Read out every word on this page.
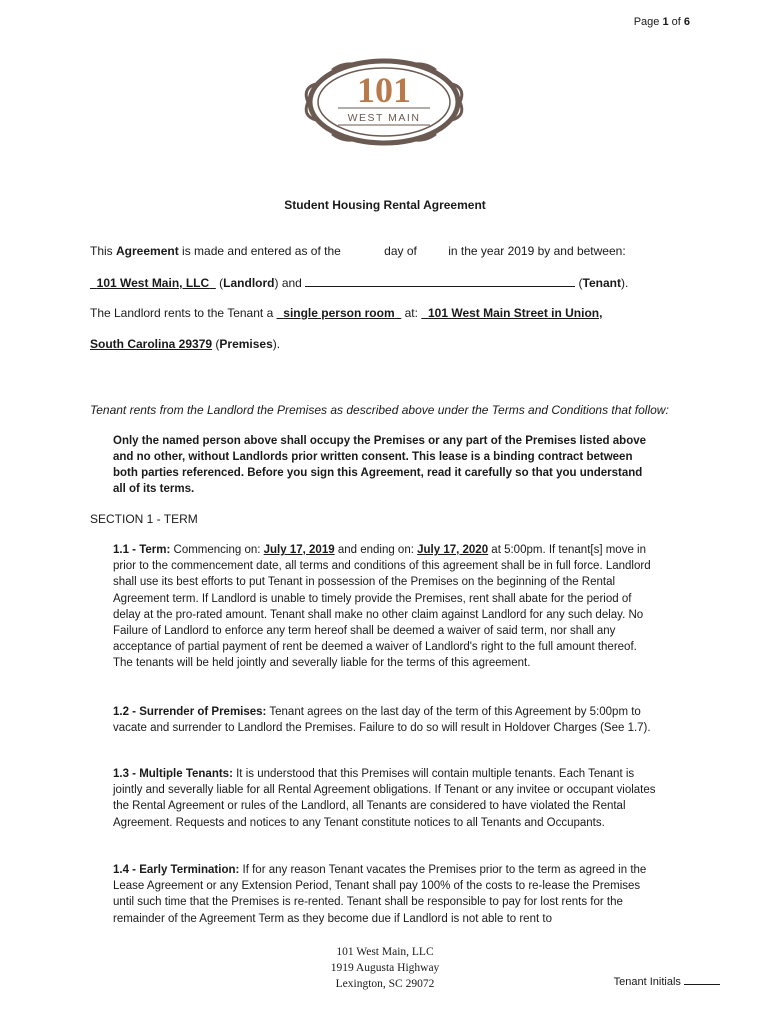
Page 1 of 6
101
WEST MAIN
Student Housing Rental Agreement
This Agreement is made and entered as of the	day of	in the year 2019 by and between:
101 West Main, LLC   (Landlord) and	(Tenant).
The Landlord rents to the Tenant a single person room   at:   101 West Main Street in Union,
South Carolina 29379 (Premises).
Tenant rents from the Landlord the Premises as described above under the Terms and Conditions that follow:
Only the named person above shall occupy the Premises or any part of the Premises listed above and no other, without Landlords prior written consent. This lease is a binding contract between both parties referenced. Before you sign this Agreement, read it carefully so that you understand all of its terms.
SECTION 1 - TERM
1.1 - Term: Commencing on: July 17, 2019 and ending on: July 17, 2020 at 5:00pm. If tenant[s] move in prior to the commencement date, all terms and conditions of this agreement shall be in full force. Landlord shall use its best efforts to put Tenant in possession of the Premises on the beginning of the Rental Agreement term. If Landlord is unable to timely provide the Premises, rent shall abate for the period of delay at the pro-rated amount. Tenant shall make no other claim against Landlord for any such delay. No Failure of Landlord to enforce any term hereof shall be deemed a waiver of said term, nor shall any acceptance of partial payment of rent be deemed a waiver of Landlord's right to the full amount thereof. The tenants will be held jointly and severally liable for the terms of this agreement.
1.2 - Surrender of Premises: Tenant agrees on the last day of the term of this Agreement by 5:00pm to vacate and surrender to Landlord the Premises. Failure to do so will result in Holdover Charges (See 1.7).
1.3 - Multiple Tenants: It is understood that this Premises will contain multiple tenants. Each Tenant is jointly and severally liable for all Rental Agreement obligations. If Tenant or any invitee or occupant violates the Rental Agreement or rules of the Landlord, all Tenants are considered to have violated the Rental Agreement. Requests and notices to any Tenant constitute notices to all Tenants and Occupants.
1.4 - Early Termination: If for any reason Tenant vacates the Premises prior to the term as agreed in the Lease Agreement or any Extension Period, Tenant shall pay 100% of the costs to re-lease the Premises until such time that the Premises is re-rented. Tenant shall be responsible to pay for lost rents for the remainder of the Agreement Term as they become due if Landlord is not able to rent to
101 West Main, LLC
1919 Augusta Highway
Lexington, SC 29072	Tenant Initials
